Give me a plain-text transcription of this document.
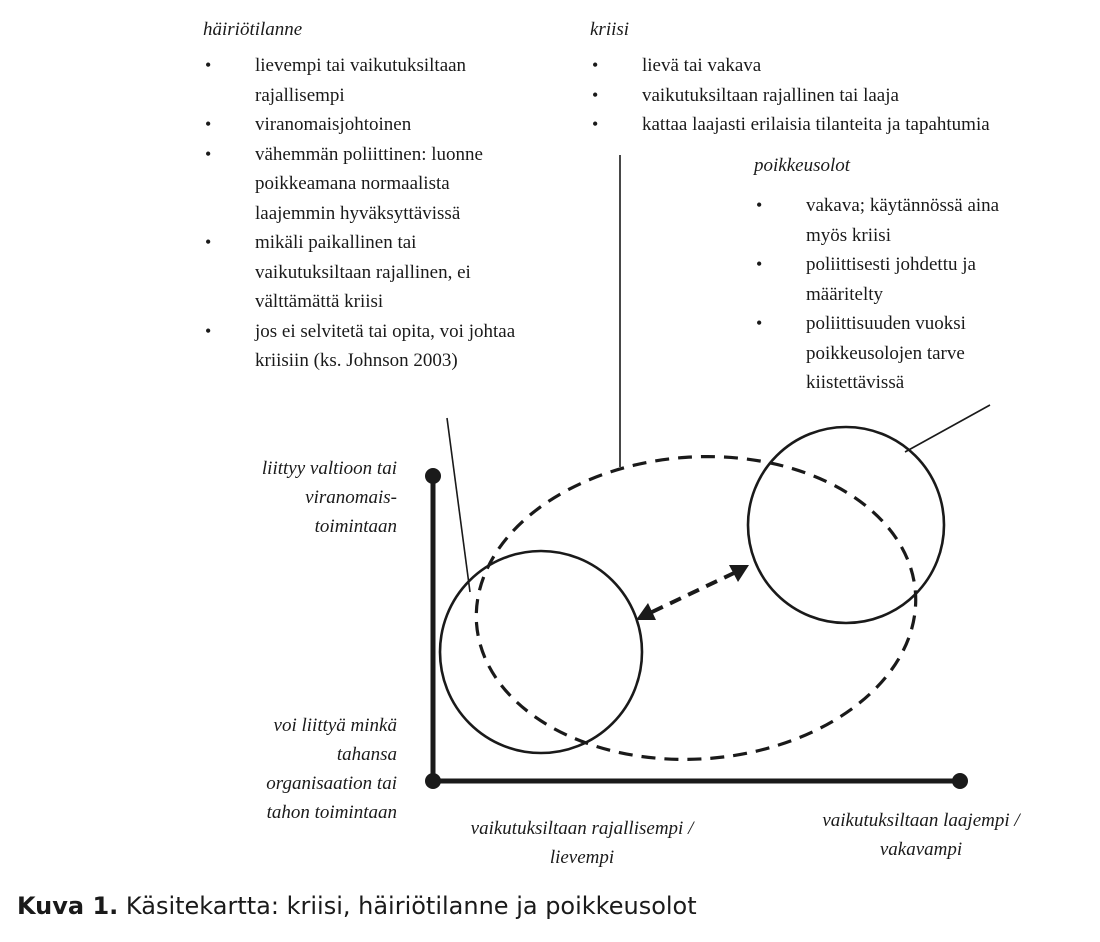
häiriötilanne
• lievempi tai vaikutuksiltaan
rajallisempi
• viranomaisjohtoinen
• vähemmän poliittinen: luonne
poikkeamana normaalista
laajemmin hyväksyttävissä
• mikäli paikallinen tai
vaikutuksiltaan rajallinen, ei
välttämättä kriisi
• jos ei selvitetä tai opita, voi johtaa
kriisiin (ks. Johnson 2003)
kriisi
• lievä tai vakava
• vaikutuksiltaan rajallinen tai laaja
• kattaa laajasti erilaisia tilanteita ja tapahtumia
poikkeusolot
• vakava; käytännössä aina
myös kriisi
• poliittisesti johdettu ja
määritelty
• poliittisuuden vuoksi
poikkeusolojen tarve
kiistettävissä
liittyy valtioon tai
viranomais-
toimintaan
voi liittyä minkä
tahansa
organisaation tai
tahon toimintaan
vaikutuksiltaan rajallisempi /
lievempi
vaikutuksiltaan laajempi /
vakavampi
Kuva 1. Käsitekartta: kriisi, häiriötilanne ja poikkeusolot
